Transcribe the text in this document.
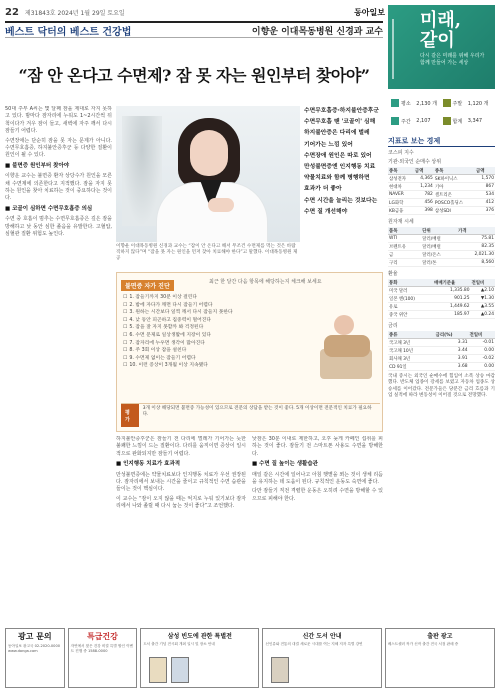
22 제31843호 2024년 1월 29일 토요일	동아일보
베스트 닥터의 베스트 건강법	이향운 이대목동병원 신경과 교수
“잠 안 온다고 수면제? 잠 못 자는 원인부터 찾아야”
미래,
같이
다시 같은 미래를 위해 우리가 함께 만들어 가는 세상
평소
2,130 개	주말
1,120 개
주간
2,107	합계
3,347

50대 주부 A씨는 몇 달째 잠을 제대로 자지 못하고 있다. 밤마다 잠자리에 누워도 1~2시간씩 뒤척이다가 겨우 잠이 들고, 새벽에 자주 깨서 다시 잠들기 어렵다.

수면장애는 단순히 잠을 못 자는 문제가 아니다. 수면무호흡증, 하지불안증후군 등 다양한 질환이 원인이 될 수 있다.

■ 불면증 원인부터 찾아야

이향운 교수는 불면증 환자 상당수가 원인을 모른 채 수면제에 의존한다고 지적했다. 잠을 자지 못하는 원인을 찾아 치료하는 것이 중요하다는 것이다.

■ 코골이 심하면 수면무호흡증 의심

수면 중 호흡이 멈추는 수면무호흡증은 깊은 잠을 방해하고 낮 동안 심한 졸음을 유발한다. 고혈압, 심혈관 질환 위험도 높인다.

수면무호흡증·하지불안증후군
수면무호흡 땐 '코골이' 심해
하지불안증은 다리에 벌레
기어가는 느낌 있어
수면장애 원인은 따로 있어
만성불면증엔 인지행동 치료
약물치료와 함께 병행하면
효과가 더 좋아
수면 시간을 늘리는 것보다는
수면 질 개선해야
이향운 이대목동병원 신경과 교수는 “잠이 안 온다고 해서 무조건 수면제를 먹는 것은 바람직하지 않다”며 “잠을 못 자는 원인을 먼저 찾아 치료해야 한다”고 말했다. 이대목동병원 제공
불면증 자가 진단
최근 한 달간 다음 항목에 해당하는지 체크해 보세요
☐ 1. 잠들기까지 30분 이상 걸린다
☐ 2. 밤에 자다가 깨면 다시 잠들기 어렵다
☐ 3. 원하는 시간보다 일찍 깨서 다시 잠들지 못한다
☐ 4. 낮 동안 피곤하고 집중력이 떨어진다
☐ 5. 잠을 잘 자지 못할까 봐 걱정된다
☐ 6. 수면 문제로 일상생활에 지장이 있다
☐ 7. 잠자리에 누우면 생각이 많아진다
☐ 8. 주 3회 이상 잠을 설친다
☐ 9. 수면제 없이는 잠들기 어렵다
☐ 10. 이런 증상이 3개월 이상 지속됐다
평가
3개 이상 해당되면 불면증 가능성이 있으므로 전문의 상담을 받는 것이 좋다. 5개 이상이면 전문적인 치료가 필요하다.

하지불안증후군은 잠들기 전 다리에 벌레가 기어가는 듯한 불쾌한 느낌이 드는 질환이다. 다리를 움직이면 증상이 일시적으로 완화되지만 잠들기 어렵다.

■ 인지행동 치료가 효과적

만성불면증에는 약물치료보다 인지행동 치료가 우선 권장된다. 잠자리에서 보내는 시간을 줄이고 규칙적인 수면 습관을 들이는 것이 핵심이다.

이 교수는 “잠이 오지 않을 때는 억지로 누워 있기보다 잠자리에서 나와 졸릴 때 다시 눕는 것이 좋다”고 조언했다.

낮잠은 30분 이내로 제한하고, 오후 늦게 카페인 섭취를 피하는 것이 좋다. 잠들기 전 스마트폰 사용도 수면을 방해한다.

■ 수면 질 높이는 생활습관

매일 같은 시간에 일어나고 아침 햇볕을 쬐는 것이 생체 리듬을 유지하는 데 도움이 된다. 규칙적인 운동도 숙면에 좋다.

다만 잠들기 직전 격렬한 운동은 오히려 수면을 방해할 수 있으므로 피해야 한다.

지표로 보는 경제
코스피 지수
기관·외국인 순매수 상위
종목	금액	종목	금액
삼성전자	4,365	SK하이닉스	1,570
현대차	1,234	기아	867
NAVER	782	셀트리온	534
LG화학	456	POSCO홀딩스	412
KB금융	398	삼성SDI	376
원자재 시세
품목	단위	가격
WTI	달러/배럴	75.81
브렌트유	달러/배럴	82.35
금	달러/온스	2,021.30
구리	달러/톤	8,560
환율
통화	매매기준율	전일비
미국 달러	1,335.80	▲2.10
일본 엔(100)	901.25	▼1.30
유로	1,449.62	▲3.55
중국 위안	185.97	▲0.24
금리
종류	금리(%)	전일비
국고채 3년	3.31	-0.01
국고채 10년	3.44	0.00
회사채 3년	3.91	-0.02
CD 91일	3.68	0.00
국내 증시는 외국인 순매수에 힘입어 소폭 상승 마감했다. 반도체 업종이 강세를 보였고 자동차 업종도 상승세를 이어갔다. 전문가들은 당분간 금리 흐름과 기업 실적에 따라 변동성이 이어질 것으로 전망했다.
광고 문의
동아일보 광고국 02-2020-0000 www.donga.com
특급건강
자연에서 찾은 건강 비결 특별 할인 이벤트 진행 중 1588-0000
삼성 빈도에 관한 특별전
도서 출간 기념 전시회 개최 일시 및 장소 안내
신간 도서 안내
신인류와 전통의 대결 새로운 시대를 여는 지혜 저자 특별 강연
출판 광고
베스트셀러 작가 신작 출간 전국 서점 판매 중
